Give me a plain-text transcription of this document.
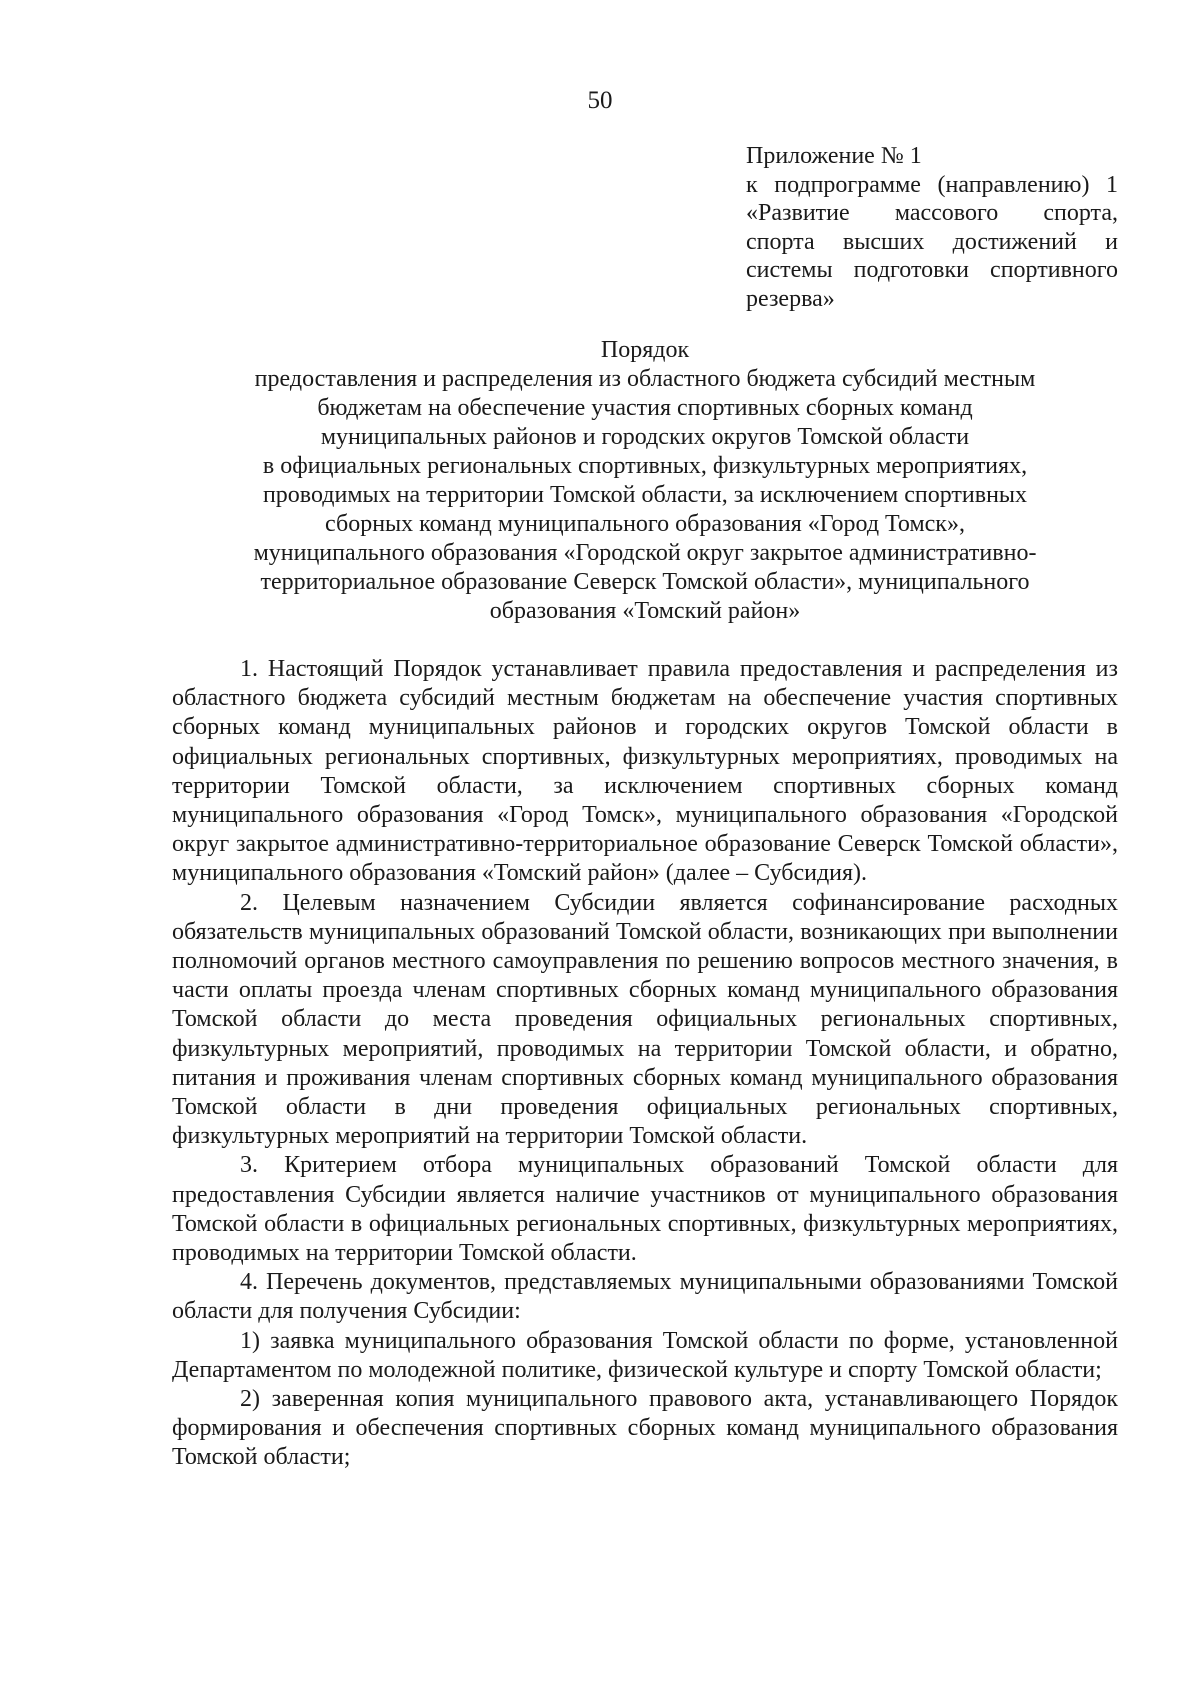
50
Приложение № 1
к подпрограмме (направлению) 1
«Развитие массового спорта,
спорта высших достижений и
системы подготовки спортивного
резерва»
Порядок
предоставления и распределения из областного бюджета субсидий местным
бюджетам на обеспечение участия спортивных сборных команд
муниципальных районов и городских округов Томской области
в официальных региональных спортивных, физкультурных мероприятиях,
проводимых на территории Томской области, за исключением спортивных
сборных команд муниципального образования «Город Томск»,
муниципального образования «Городской округ закрытое административно-
территориальное образование Северск Томской области», муниципального
образования «Томский район»

1. Настоящий Порядок устанавливает правила предоставления и распределения из областного бюджета субсидий местным бюджетам на обеспечение участия спортивных сборных команд муниципальных районов и городских округов Томской области в официальных региональных спортивных, физкультурных мероприятиях, проводимых на территории Томской области, за исключением спортивных сборных команд муниципального образования «Город Томск», муниципального образования «Городской округ закрытое административно-территориальное образование Северск Томской области», муниципального образования «Томский район» (далее – Субсидия).

2. Целевым назначением Субсидии является софинансирование расходных обязательств муниципальных образований Томской области, возникающих при выполнении полномочий органов местного самоуправления по решению вопросов местного значения, в части оплаты проезда членам спортивных сборных команд муниципального образования Томской области до места проведения официальных региональных спортивных, физкультурных мероприятий, проводимых на территории Томской области, и обратно, питания и проживания членам спортивных сборных команд муниципального образования Томской области в дни проведения официальных региональных спортивных, физкультурных мероприятий на территории Томской области.

3. Критерием отбора муниципальных образований Томской области для предоставления Субсидии является наличие участников от муниципального образования Томской области в официальных региональных спортивных, физкультурных мероприятиях, проводимых на территории Томской области.

4. Перечень документов, представляемых муниципальными образованиями Томской области для получения Субсидии:

1) заявка муниципального образования Томской области по форме, установленной Департаментом по молодежной политике, физической культуре и спорту Томской области;

2) заверенная копия муниципального правового акта, устанавливающего Порядок формирования и обеспечения спортивных сборных команд муниципального образования Томской области;
